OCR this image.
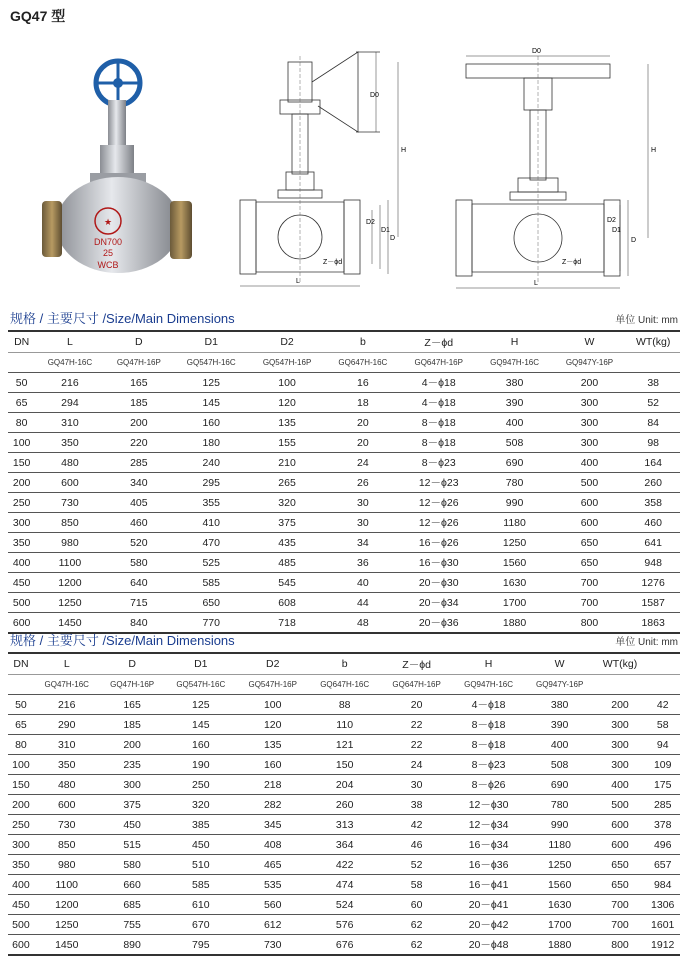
GQ47 型
★
DN700
25
WCB
D0
H
D
D1
D2
Z－ϕd
L
D0
H
D
D1
D2
Z－ϕd
L
规格 / 主要尺寸 /Size/Main Dimensions	单位 Unit: mm
DN	L	D	D1	D2	b	Z－ϕd	H	W	WT(kg)
	GQ47H-16C	GQ47H-16P	GQ547H-16C	GQ547H-16P	GQ647H-16C	GQ647H-16P	GQ947H-16C	GQ947Y-16P	
50	216	165	125	100	16	4－ϕ18	380	200	38
65	294	185	145	120	18	4－ϕ18	390	300	52
80	310	200	160	135	20	8－ϕ18	400	300	84
100	350	220	180	155	20	8－ϕ18	508	300	98
150	480	285	240	210	24	8－ϕ23	690	400	164
200	600	340	295	265	26	12－ϕ23	780	500	260
250	730	405	355	320	30	12－ϕ26	990	600	358
300	850	460	410	375	30	12－ϕ26	1180	600	460
350	980	520	470	435	34	16－ϕ26	1250	650	641
400	1100	580	525	485	36	16－ϕ30	1560	650	948
450	1200	640	585	545	40	20－ϕ30	1630	700	1276
500	1250	715	650	608	44	20－ϕ34	1700	700	1587
600	1450	840	770	718	48	20－ϕ36	1880	800	1863
规格 / 主要尺寸 /Size/Main Dimensions	单位 Unit: mm
DN	L	D	D1	D2	b	Z－ϕd	H	W	WT(kg)	
	GQ47H-16C	GQ47H-16P	GQ547H-16C	GQ547H-16P	GQ647H-16C	GQ647H-16P	GQ947H-16C	GQ947Y-16P		
50	216	165	125	100	88	20	4－ϕ18	380	200	42
65	290	185	145	120	110	22	8－ϕ18	390	300	58
80	310	200	160	135	121	22	8－ϕ18	400	300	94
100	350	235	190	160	150	24	8－ϕ23	508	300	109
150	480	300	250	218	204	30	8－ϕ26	690	400	175
200	600	375	320	282	260	38	12－ϕ30	780	500	285
250	730	450	385	345	313	42	12－ϕ34	990	600	378
300	850	515	450	408	364	46	16－ϕ34	1180	600	496
350	980	580	510	465	422	52	16－ϕ36	1250	650	657
400	1100	660	585	535	474	58	16－ϕ41	1560	650	984
450	1200	685	610	560	524	60	20－ϕ41	1630	700	1306
500	1250	755	670	612	576	62	20－ϕ42	1700	700	1601
600	1450	890	795	730	676	62	20－ϕ48	1880	800	1912
